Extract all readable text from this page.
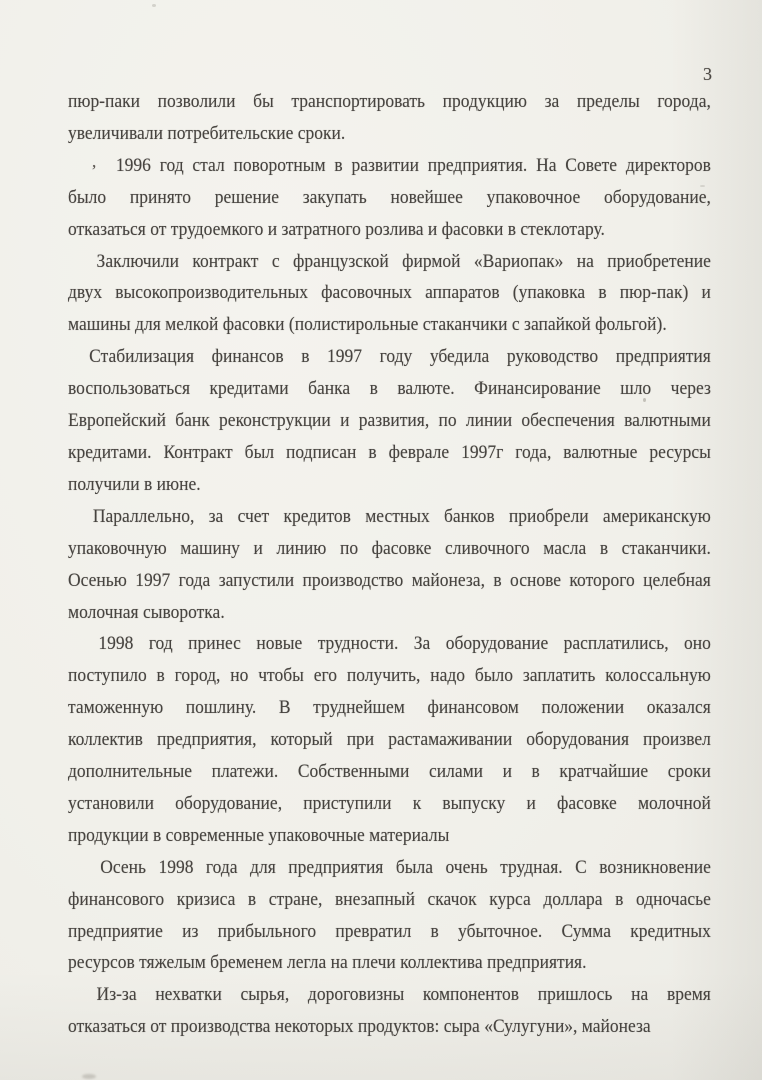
3
,
пюр-паки позволили бы транспортировать продукцию за пределы города,
увеличивали потребительские сроки.
1996 год стал поворотным в развитии предприятия. На Совете директоров
было принято решение закупать новейшее упаковочное оборудование,
отказаться от трудоемкого и затратного розлива и фасовки в стеклотару.
Заключили контракт с французской фирмой «Вариопак» на приобретение
двух высокопроизводительных фасовочных аппаратов (упаковка в пюр-пак) и
машины для мелкой фасовки (полистирольные стаканчики с запайкой фольгой).
Стабилизация финансов в 1997 году убедила руководство предприятия
воспользоваться кредитами банка в валюте. Финансирование шло через
Европейский банк реконструкции и развития, по линии обеспечения валютными
кредитами. Контракт был подписан в феврале 1997г года, валютные ресурсы
получили в июне.
Параллельно, за счет кредитов местных банков приобрели американскую
упаковочную машину и линию по фасовке сливочного масла в стаканчики.
Осенью 1997 года запустили производство майонеза, в основе которого целебная
молочная сыворотка.
1998 год принес новые трудности. За оборудование расплатились, оно
поступило в город, но чтобы его получить, надо было заплатить колоссальную
таможенную пошлину. В труднейшем финансовом положении оказался
коллектив предприятия, который при растамаживании оборудования произвел
дополнительные платежи. Собственными силами и в кратчайшие сроки
установили оборудование, приступили к выпуску и фасовке молочной
продукции в современные упаковочные материалы
Осень 1998 года для предприятия была очень трудная. С возникновение
финансового кризиса в стране, внезапный скачок курса доллара в одночасье
предприятие из прибыльного превратил в убыточное. Сумма кредитных
ресурсов тяжелым бременем легла на плечи коллектива предприятия.
Из-за нехватки сырья, дороговизны компонентов пришлось на время
отказаться от производства некоторых продуктов: сыра «Сулугуни», майонеза
